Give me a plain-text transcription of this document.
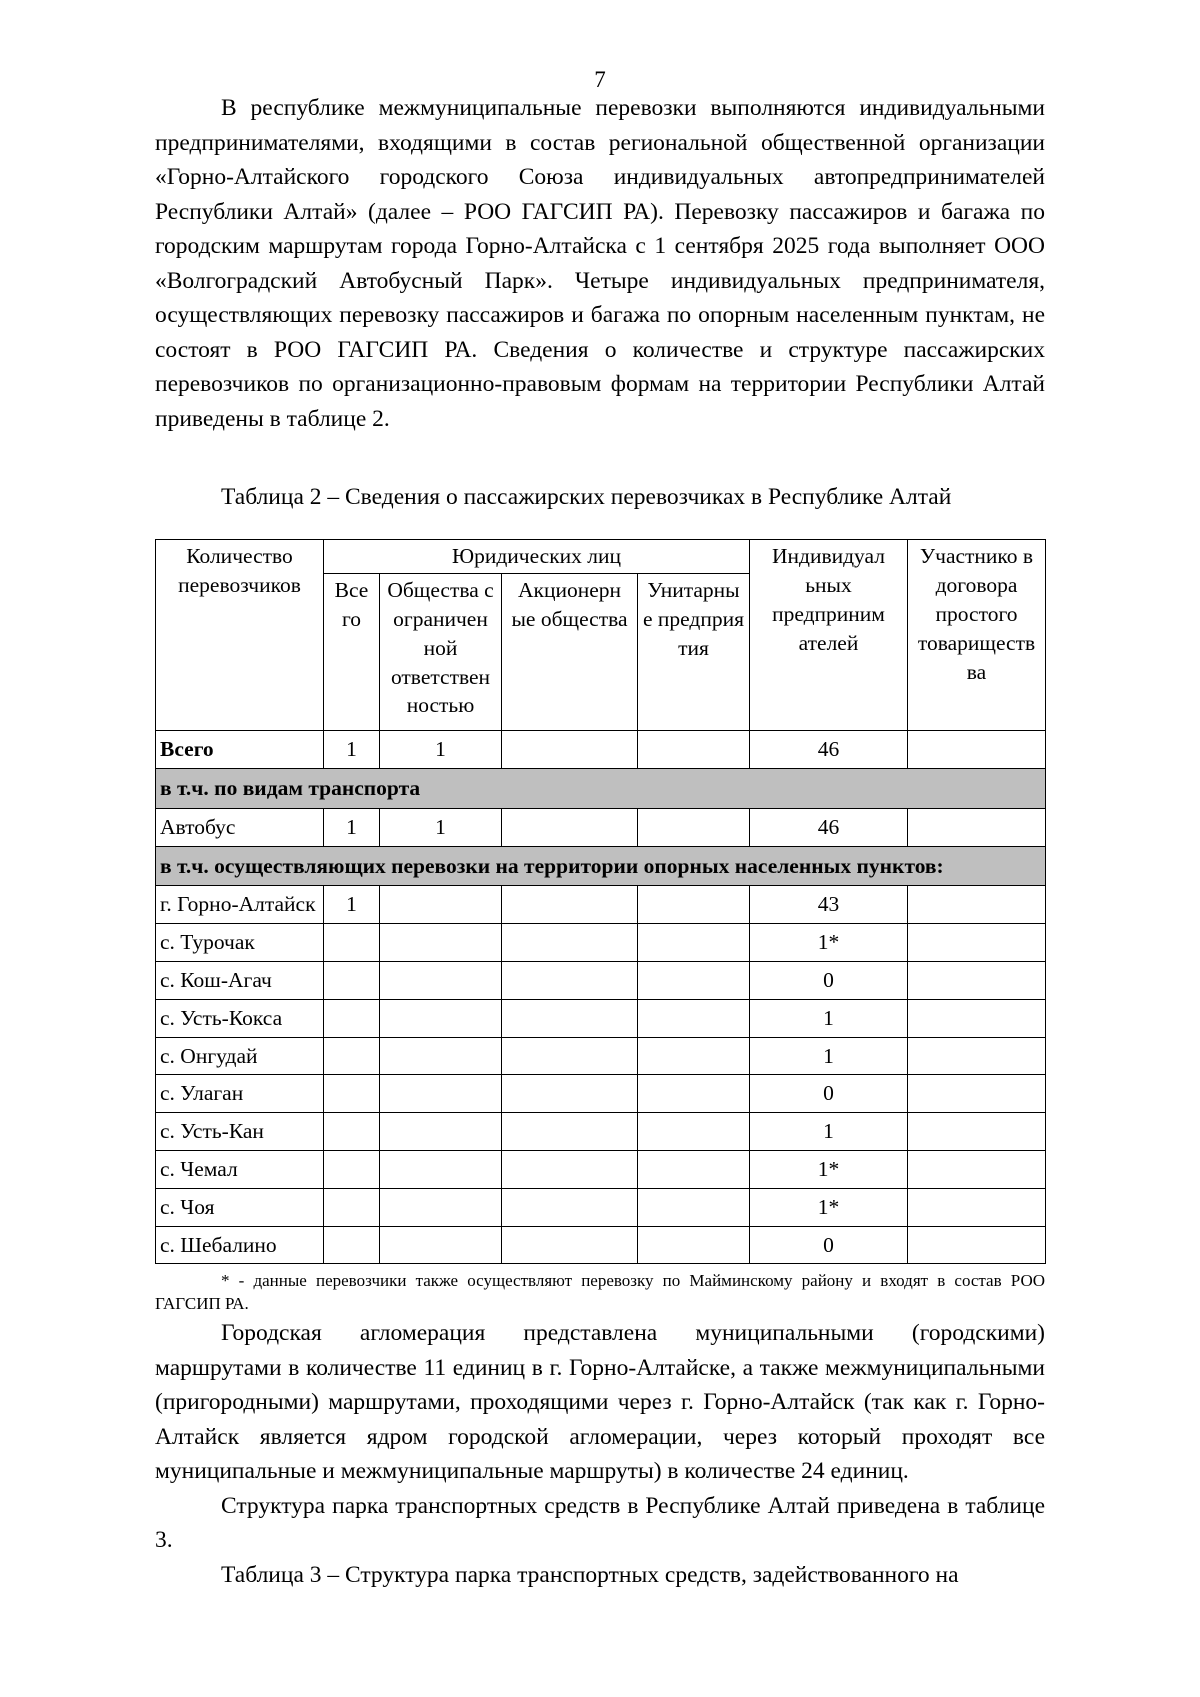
7

В республике межмуниципальные перевозки выполняются индивидуальными предпринимателями, входящими в состав региональной общественной организации «Горно-Алтайского городского Союза индивидуальных автопредпринимателей Республики Алтай» (далее – РОО ГАГСИП РА). Перевозку пассажиров и багажа по городским маршрутам города Горно-Алтайска с 1 сентября 2025 года выполняет ООО «Волгоградский Автобусный Парк». Четыре индивидуальных предпринимателя, осуществляющих перевозку пассажиров и багажа по опорным населенным пунктам, не состоят в РОО ГАГСИП РА. Сведения о количестве и структуре пассажирских перевозчиков по организационно-правовым формам на территории Республики Алтай приведены в таблице 2.

Таблица 2 – Сведения о пассажирских перевозчиках в Республике Алтай

Количество перевозчиков	Юридических лиц				Индивидуал ьных предприним ателей	Участнико в договора простого товариществ ва
	Все го	Общества с ограничен ной ответствен ностью	Акционерн ые общества	Унитарны е предприя тия		
Всего	1	1			46	
в т.ч. по видам транспорта						
Автобус	1	1			46	
в т.ч. осуществляющих перевозки на территории опорных населенных пунктов:						
г. Горно-Алтайск	1				43	
с. Турочак					1*	
с. Кош-Агач					0	
с. Усть-Кокса					1	
с. Онгудай					1	
с. Улаган					0	
с. Усть-Кан					1	
с. Чемал					1*	
с. Чоя					1*	
с. Шебалино					0	

* - данные перевозчики также осуществляют перевозку по Майминскому району и входят в состав РОО ГАГСИП РА.

Городская агломерация представлена муниципальными (городскими) маршрутами в количестве 11 единиц в г. Горно-Алтайске, а также межмуниципальными (пригородными) маршрутами, проходящими через г. Горно-Алтайск (так как г. Горно-Алтайск является ядром городской агломерации, через который проходят все муниципальные и межмуниципальные маршруты) в количестве 24 единиц.

Структура парка транспортных средств в Республике Алтай приведена в таблице 3.

Таблица 3 – Структура парка транспортных средств, задействованного на
